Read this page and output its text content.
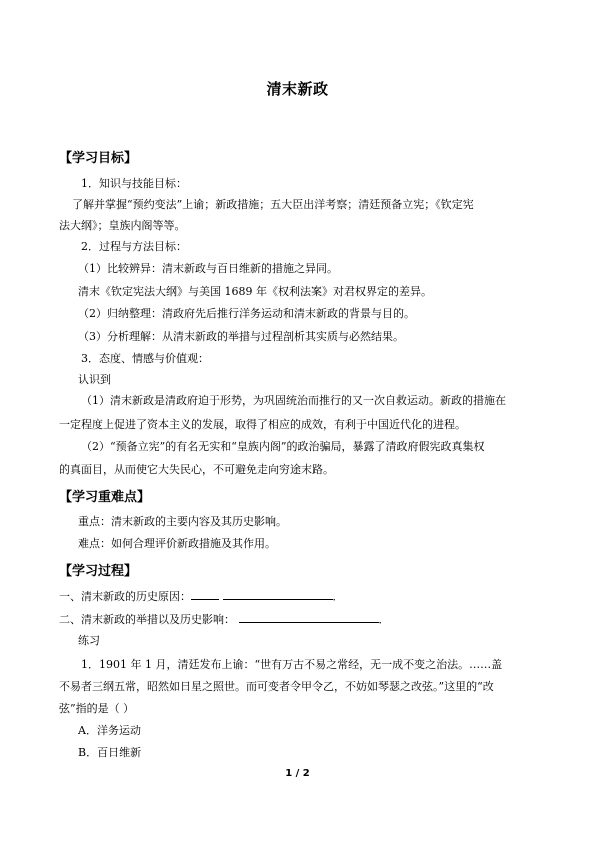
清末新政
【学习目标】
1．知识与技能目标：
了解并掌握“预约变法”上谕；新政措施；五大臣出洋考察；清廷预备立宪；《钦定宪
法大纲》；皇族内阁等等。
2．过程与方法目标：
（1）比较辨异：清末新政与百日维新的措施之异同。
清末《钦定宪法大纲》与美国 1689 年《权利法案》对君权界定的差异。
（2）归纳整理：清政府先后推行洋务运动和清末新政的背景与目的。
（3）分析理解：从清末新政的举措与过程剖析其实质与必然结果。
3．态度、情感与价值观：
认识到
（1）清末新政是清政府迫于形势，为巩固统治而推行的又一次自救运动。新政的措施在
一定程度上促进了资本主义的发展，取得了相应的成效，有利于中国近代化的进程。
（2）“预备立宪”的有名无实和“皇族内阁”的政治骗局，暴露了清政府假宪政真集权
的真面目，从而使它大失民心，不可避免走向穷途末路。
【学习重难点】
重点：清末新政的主要内容及其历史影响。
难点：如何合理评价新政措施及其作用。
【学习过程】
一、清末新政的历史原因：	．
二、清末新政的举措以及历史影响：	．
练习
1．1901 年 1 月，清廷发布上谕：“世有万古不易之常经，无一成不变之治法。……盖
不易者三纲五常，昭然如日星之照世。而可变者令甲令乙，不妨如琴瑟之改弦。”这里的“改
弦”指的是（ ）
A．洋务运动
B．百日维新
1 / 2
